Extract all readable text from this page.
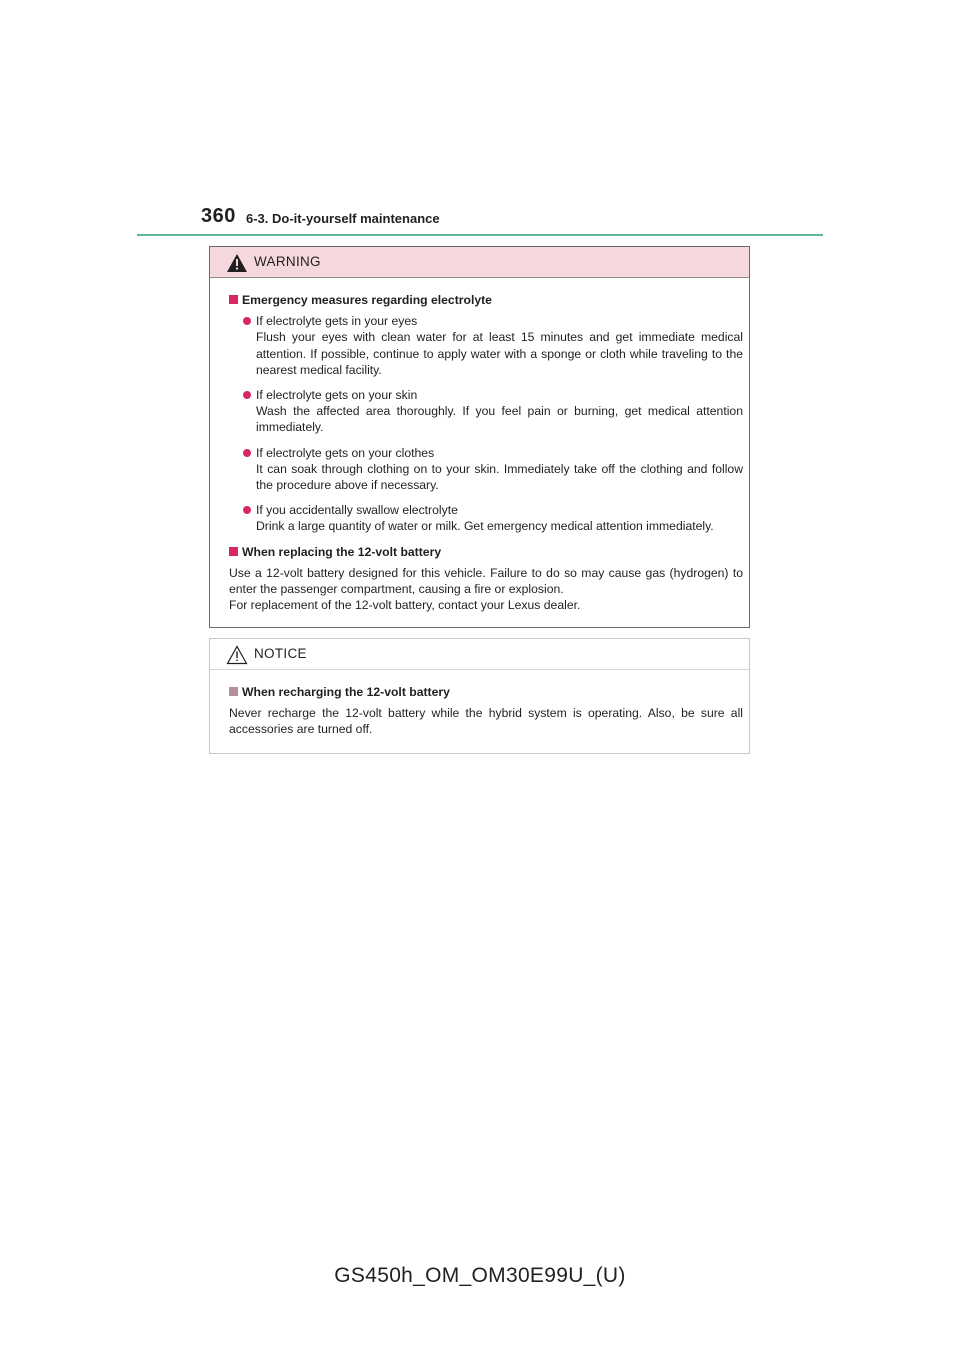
360 6-3. Do-it-yourself maintenance
WARNING
Emergency measures regarding electrolyte
If electrolyte gets in your eyes
Flush your eyes with clean water for at least 15 minutes and get immediate medical attention. If possible, continue to apply water with a sponge or cloth while traveling to the nearest medical facility.
If electrolyte gets on your skin
Wash the affected area thoroughly. If you feel pain or burning, get medical attention immediately.
If electrolyte gets on your clothes
It can soak through clothing on to your skin. Immediately take off the clothing and follow the procedure above if necessary.
If you accidentally swallow electrolyte
Drink a large quantity of water or milk. Get emergency medical attention immediately.
When replacing the 12-volt battery
Use a 12-volt battery designed for this vehicle. Failure to do so may cause gas (hydrogen) to enter the passenger compartment, causing a fire or explosion.
For replacement of the 12-volt battery, contact your Lexus dealer.
NOTICE
When recharging the 12-volt battery
Never recharge the 12-volt battery while the hybrid system is operating. Also, be sure all accessories are turned off.
GS450h_OM_OM30E99U_(U)
